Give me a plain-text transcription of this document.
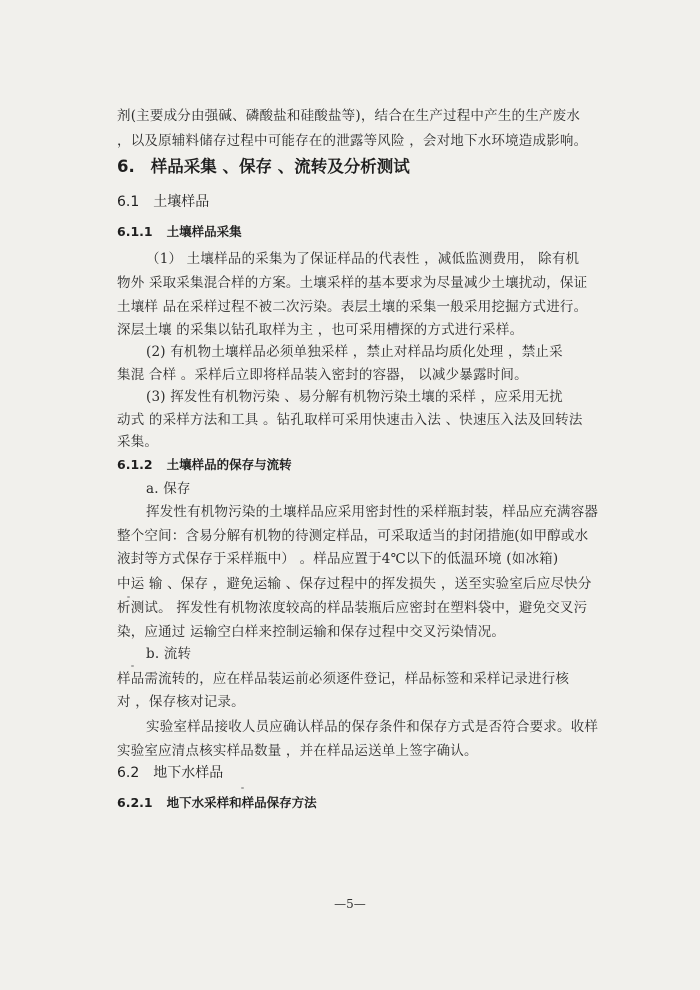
剂(主要成分由强碱、磷酸盐和硅酸盐等)，结合在生产过程中产生的生产废水
，以及原辅料储存过程中可能存在的泄露等风险 ，会对地下水环境造成影响。
6. 样品采集 、保存 、流转及分析测试
6.1 土壤样品
6.1.1 土壤样品采集
（1） 土壤样品的采集为了保证样品的代表性 ，减低监测费用， 除有机
物外 采取采集混合样的方案。土壤采样的基本要求为尽量减少土壤扰动，保证
土壤样 品在采样过程不被二次污染。表层土壤的采集一般采用挖掘方式进行。
深层土壤 的采集以钻孔取样为主 ，也可采用槽探的方式进行采样。
(2) 有机物土壤样品必须单独采样 ，禁止对样品均质化处理 ，禁止采
集混 合样 。采样后立即将样品装入密封的容器， 以减少暴露时间。
(3) 挥发性有机物污染 、易分解有机物污染土壤的采样 ，应采用无扰
动式 的采样方法和工具 。钻孔取样可采用快速击入法 、快速压入法及回转法
采集。
6.1.2 土壤样品的保存与流转
a. 保存
挥发性有机物污染的土壤样品应采用密封性的采样瓶封装，样品应充满容器
整个空间：含易分解有机物的待测定样品，可采取适当的封闭措施(如甲醇或水
液封等方式保存于采样瓶中） 。样品应置于4℃以下的低温环境 (如冰箱)
中运 输 、保存 ，避免运输 、保存过程中的挥发损失 ，送至实验室后应尽快分
析测试。 挥发性有机物浓度较高的样品装瓶后应密封在塑料袋中，避免交叉污
染，应通过 运输空白样来控制运输和保存过程中交叉污染情况。
b. 流转
样品需流转的，应在样品装运前必须逐件登记，样品标签和采样记录进行核
对 ，保存核对记录。
实验室样品接收人员应确认样品的保存条件和保存方式是否符合要求。收样
实验室应清点核实样品数量 ，并在样品运送单上签字确认。
6.2 地下水样品
6.2.1 地下水采样和样品保存方法
—5—
